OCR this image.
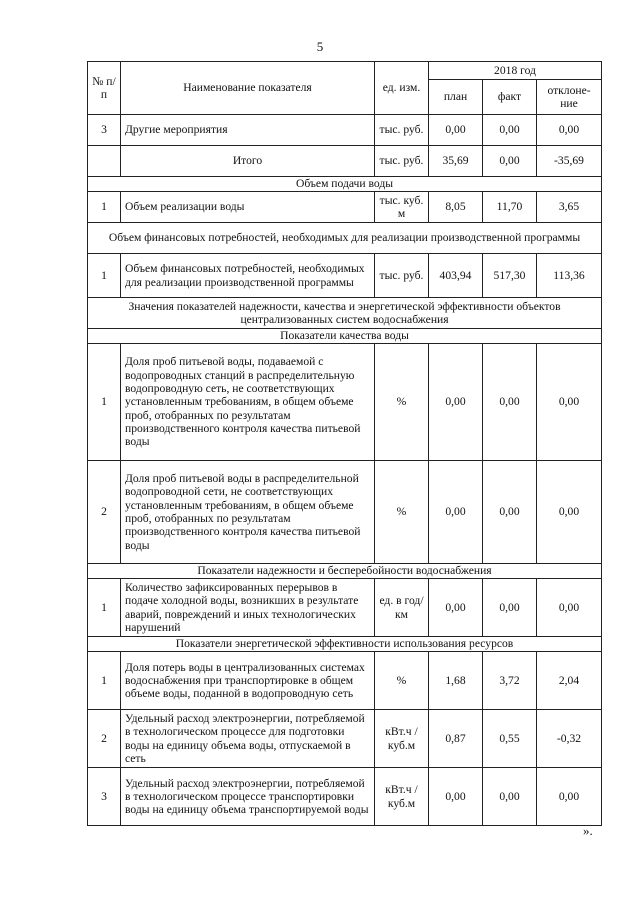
5
№ п/п	Наименование показателя	ед. изм.	2018 год		
			план	факт	отклоне-ние
3	Другие мероприятия	тыс. руб.	0,00	0,00	0,00
	Итого	тыс. руб.	35,69	0,00	-35,69
Объем подачи воды					
1	Объем реализации воды	тыс. куб. м	8,05	11,70	3,65
Объем финансовых потребностей, необходимых для реализации производственной программы					
1	Объем финансовых потребностей, необходимых для реализации производственной программы	тыс. руб.	403,94	517,30	113,36
Значения показателей надежности, качества и энергетической эффективности объектов централизованных систем водоснабжения					
Показатели качества воды					
1	Доля проб питьевой воды, подаваемой с водопроводных станций в распределительную водопроводную сеть, не соответствующих установленным требованиям, в общем объеме проб, отобранных по результатам производственного контроля качества питьевой воды	%	0,00	0,00	0,00
2	Доля проб питьевой воды в распределительной водопроводной сети, не соответствующих установленным требованиям, в общем объеме проб, отобранных по результатам производственного контроля качества питьевой воды	%	0,00	0,00	0,00
Показатели надежности и бесперебойности водоснабжения					
1	Количество зафиксированных перерывов в подаче холодной воды, возникших в результате аварий, повреждений и иных технологических нарушений	ед. в год/ км	0,00	0,00	0,00
Показатели энергетической эффективности использования ресурсов					
1	Доля потерь воды в централизованных системах водоснабжения при транспортировке в общем объеме воды, поданной в водопроводную сеть	%	1,68	3,72	2,04
2	Удельный расход электроэнергии, потребляемой в технологическом процессе для подготовки воды на единицу объема воды, отпускаемой в сеть	кВт.ч / куб.м	0,87	0,55	-0,32
3	Удельный расход электроэнергии, потребляемой в технологическом процессе транспортировки воды на единицу объема транспортируемой воды	кВт.ч / куб.м	0,00	0,00	0,00
».
